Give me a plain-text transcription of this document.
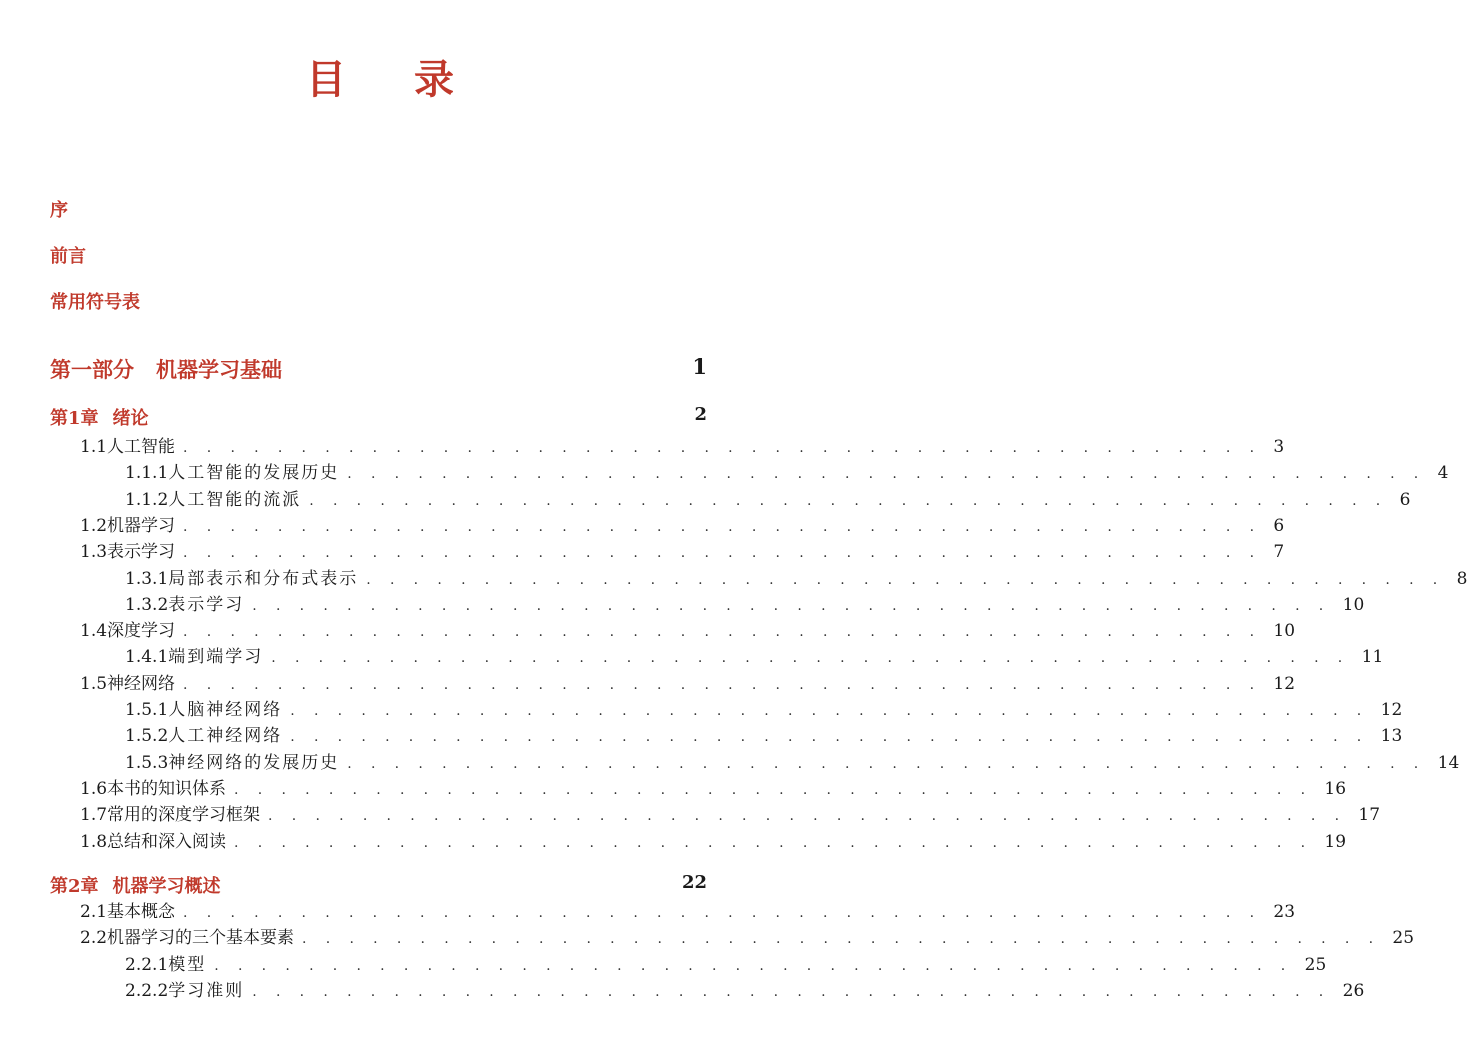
目 录
序
前言
常用符号表
第一部分 机器学习基础	1
第1章 绪论	2
1.1 人工智能 . . . . . . . . . . . . . . . . . . . . . . . . . . . . . . . . . . . . . . . . . . . . . . 3
1.1.1 人工智能的发展历史 . . . . . . . . . . . . . . . . . . . . . . . . . . . . . . . . . . . . . . . . . . . . . . 4
1.1.2 人工智能的流派 . . . . . . . . . . . . . . . . . . . . . . . . . . . . . . . . . . . . . . . . . . . . . . 6
1.2 机器学习 . . . . . . . . . . . . . . . . . . . . . . . . . . . . . . . . . . . . . . . . . . . . . . 6
1.3 表示学习 . . . . . . . . . . . . . . . . . . . . . . . . . . . . . . . . . . . . . . . . . . . . . . 7
1.3.1 局部表示和分布式表示 . . . . . . . . . . . . . . . . . . . . . . . . . . . . . . . . . . . . . . . . . . . . . . 8
1.3.2 表示学习 . . . . . . . . . . . . . . . . . . . . . . . . . . . . . . . . . . . . . . . . . . . . . . 10
1.4 深度学习 . . . . . . . . . . . . . . . . . . . . . . . . . . . . . . . . . . . . . . . . . . . . . . 10
1.4.1 端到端学习 . . . . . . . . . . . . . . . . . . . . . . . . . . . . . . . . . . . . . . . . . . . . . . 11
1.5 神经网络 . . . . . . . . . . . . . . . . . . . . . . . . . . . . . . . . . . . . . . . . . . . . . . 12
1.5.1 人脑神经网络 . . . . . . . . . . . . . . . . . . . . . . . . . . . . . . . . . . . . . . . . . . . . . . 12
1.5.2 人工神经网络 . . . . . . . . . . . . . . . . . . . . . . . . . . . . . . . . . . . . . . . . . . . . . . 13
1.5.3 神经网络的发展历史 . . . . . . . . . . . . . . . . . . . . . . . . . . . . . . . . . . . . . . . . . . . . . . 14
1.6 本书的知识体系 . . . . . . . . . . . . . . . . . . . . . . . . . . . . . . . . . . . . . . . . . . . . . . 16
1.7 常用的深度学习框架 . . . . . . . . . . . . . . . . . . . . . . . . . . . . . . . . . . . . . . . . . . . . . . 17
1.8 总结和深入阅读 . . . . . . . . . . . . . . . . . . . . . . . . . . . . . . . . . . . . . . . . . . . . . . 19
第2章 机器学习概述	22
2.1 基本概念 . . . . . . . . . . . . . . . . . . . . . . . . . . . . . . . . . . . . . . . . . . . . . . 23
2.2 机器学习的三个基本要素 . . . . . . . . . . . . . . . . . . . . . . . . . . . . . . . . . . . . . . . . . . . . . . 25
2.2.1 模型 . . . . . . . . . . . . . . . . . . . . . . . . . . . . . . . . . . . . . . . . . . . . . . 25
2.2.2 学习准则 . . . . . . . . . . . . . . . . . . . . . . . . . . . . . . . . . . . . . . . . . . . . . . 26
